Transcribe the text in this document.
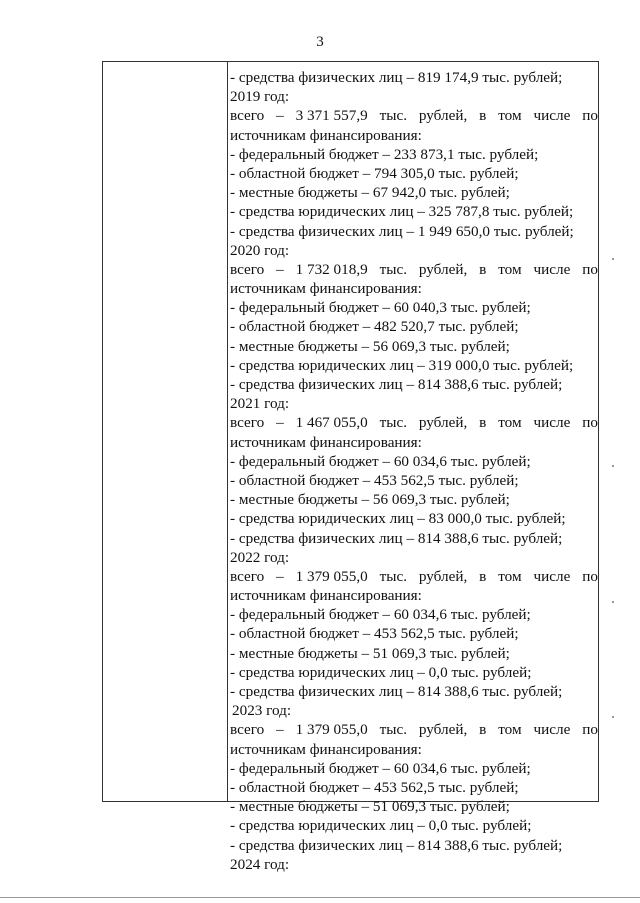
3
- средства физических лиц – 819 174,9 тыс. рублей;
2019 год:
всего – 3 371 557,9 тыс. рублей, в том числе по
источникам финансирования:
- федеральный бюджет – 233 873,1 тыс. рублей;
- областной бюджет – 794 305,0 тыс. рублей;
- местные бюджеты – 67 942,0 тыс. рублей;
- средства юридических лиц – 325 787,8 тыс. рублей;
- средства физических лиц – 1 949 650,0 тыс. рублей;
2020 год:
всего – 1 732 018,9 тыс. рублей, в том числе по
источникам финансирования:
- федеральный бюджет – 60 040,3 тыс. рублей;
- областной бюджет – 482 520,7 тыс. рублей;
- местные бюджеты – 56 069,3 тыс. рублей;
- средства юридических лиц – 319 000,0 тыс. рублей;
- средства физических лиц – 814 388,6 тыс. рублей;
2021 год:
всего – 1 467 055,0 тыс. рублей, в том числе по
источникам финансирования:
- федеральный бюджет – 60 034,6 тыс. рублей;
- областной бюджет – 453 562,5 тыс. рублей;
- местные бюджеты – 56 069,3 тыс. рублей;
- средства юридических лиц – 83 000,0 тыс. рублей;
- средства физических лиц – 814 388,6 тыс. рублей;
2022 год:
всего – 1 379 055,0 тыс. рублей, в том числе по
источникам финансирования:
- федеральный бюджет – 60 034,6 тыс. рублей;
- областной бюджет – 453 562,5 тыс. рублей;
- местные бюджеты – 51 069,3 тыс. рублей;
- средства юридических лиц – 0,0 тыс. рублей;
- средства физических лиц – 814 388,6 тыс. рублей;
2023 год:
всего – 1 379 055,0 тыс. рублей, в том числе по
источникам финансирования:
- федеральный бюджет – 60 034,6 тыс. рублей;
- областной бюджет – 453 562,5 тыс. рублей;
- местные бюджеты – 51 069,3 тыс. рублей;
- средства юридических лиц – 0,0 тыс. рублей;
- средства физических лиц – 814 388,6 тыс. рублей;
2024 год:
